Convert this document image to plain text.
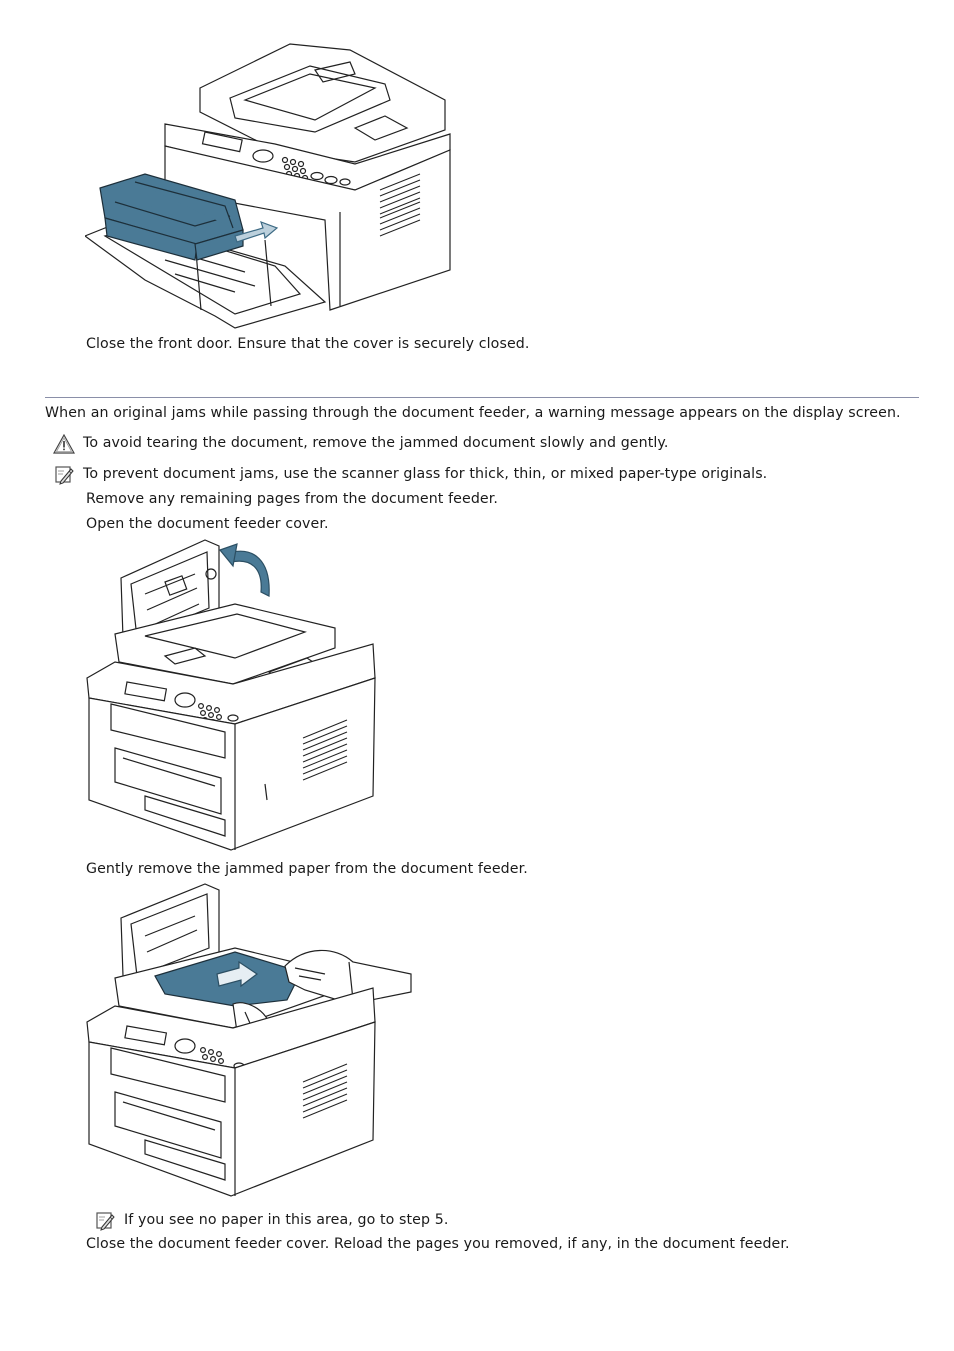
Close the front door. Ensure that the cover is securely closed.
When an original jams while passing through the document feeder, a warning message appears on the display screen.
To avoid tearing the document, remove the jammed document slowly and gently.
To prevent document jams, use the scanner glass for thick, thin, or mixed paper-type originals.
Remove any remaining pages from the document feeder.
Open the document feeder cover.
Gently remove the jammed paper from the document feeder.
If you see no paper in this area, go to step 5.
Close the document feeder cover. Reload the pages you removed, if any, in the document feeder.
